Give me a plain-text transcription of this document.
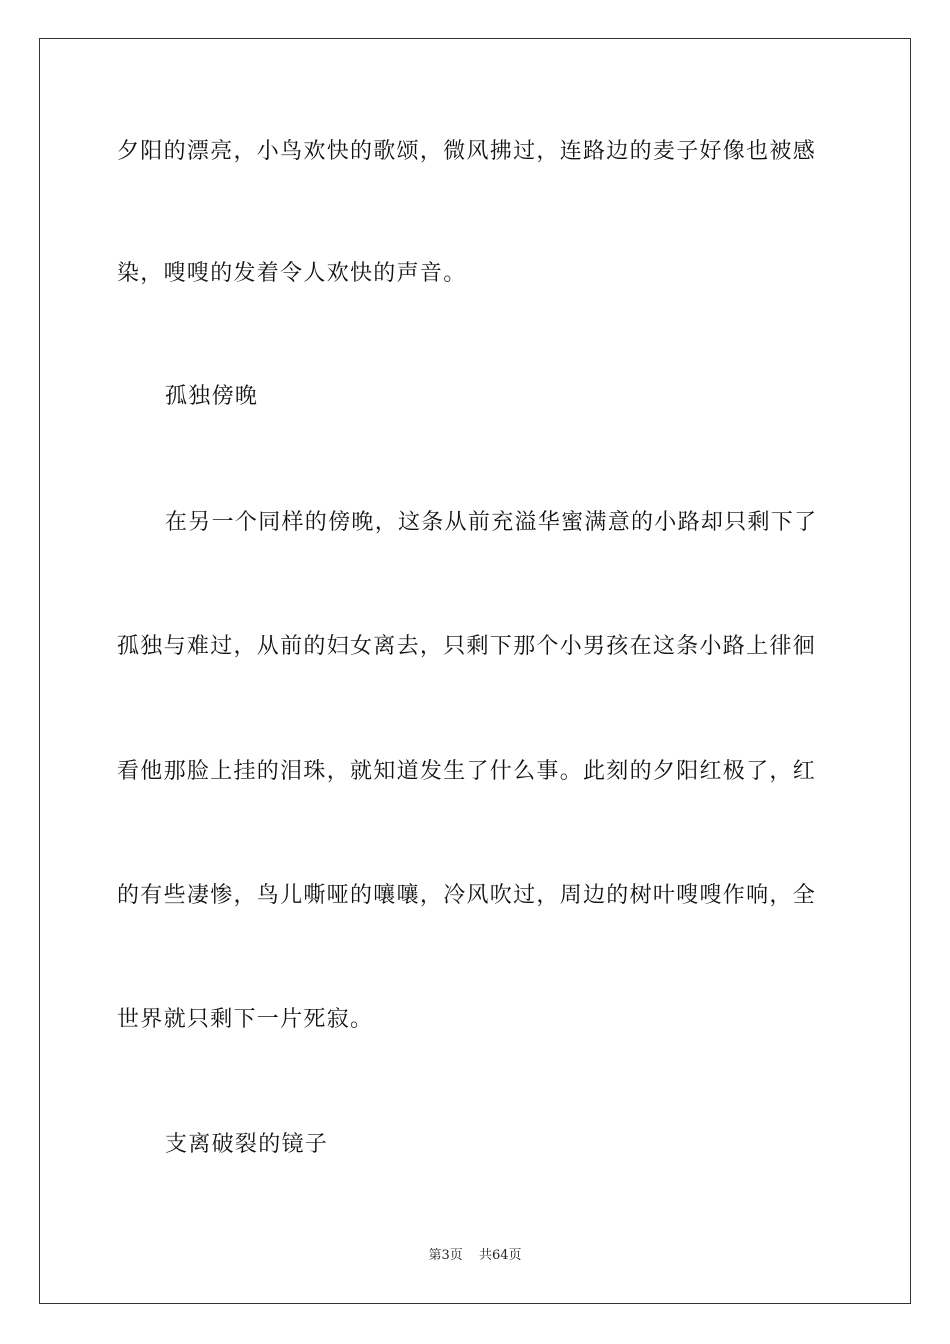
夕阳的漂亮，小鸟欢快的歌颂，微风拂过，连路边的麦子好像也被感
染，嗖嗖的发着令人欢快的声音。
孤独傍晚
在另一个同样的傍晚，这条从前充溢华蜜满意的小路却只剩下了
孤独与难过，从前的妇女离去，只剩下那个小男孩在这条小路上徘徊
看他那脸上挂的泪珠，就知道发生了什么事。此刻的夕阳红极了，红
的有些凄惨，鸟儿嘶哑的嚷嚷，冷风吹过，周边的树叶嗖嗖作响，全
世界就只剩下一片死寂。
支离破裂的镜子
第3页 共64页
